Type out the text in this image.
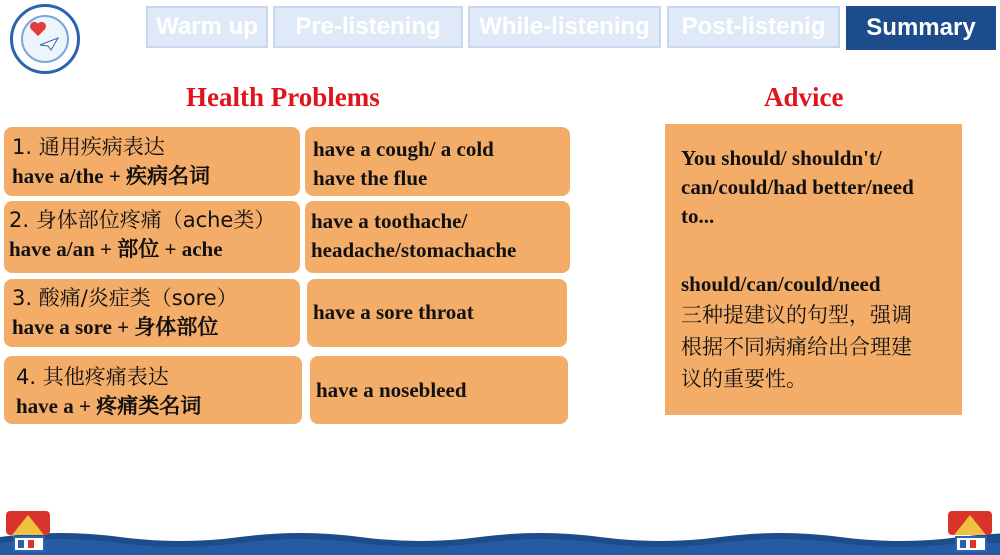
Warm up	Pre-listening	While-listening	Post-listenig	Summary
Health Problems	Advice
1. 通用疾病表达
have a/the + 疾病名词
have a cough/ a cold
have the flue
2. 身体部位疼痛（ache类）
have a/an + 部位 + ache
have a toothache/
headache/stomachache
3. 酸痛/炎症类（sore）
have a sore + 身体部位
have a sore throat
4. 其他疼痛表达
have a + 疼痛类名词
have a nosebleed
You should/ shouldn't/
can/could/had better/need
to...
should/can/could/need
三种提建议的句型，强调
根据不同病痛给出合理建
议的重要性。
